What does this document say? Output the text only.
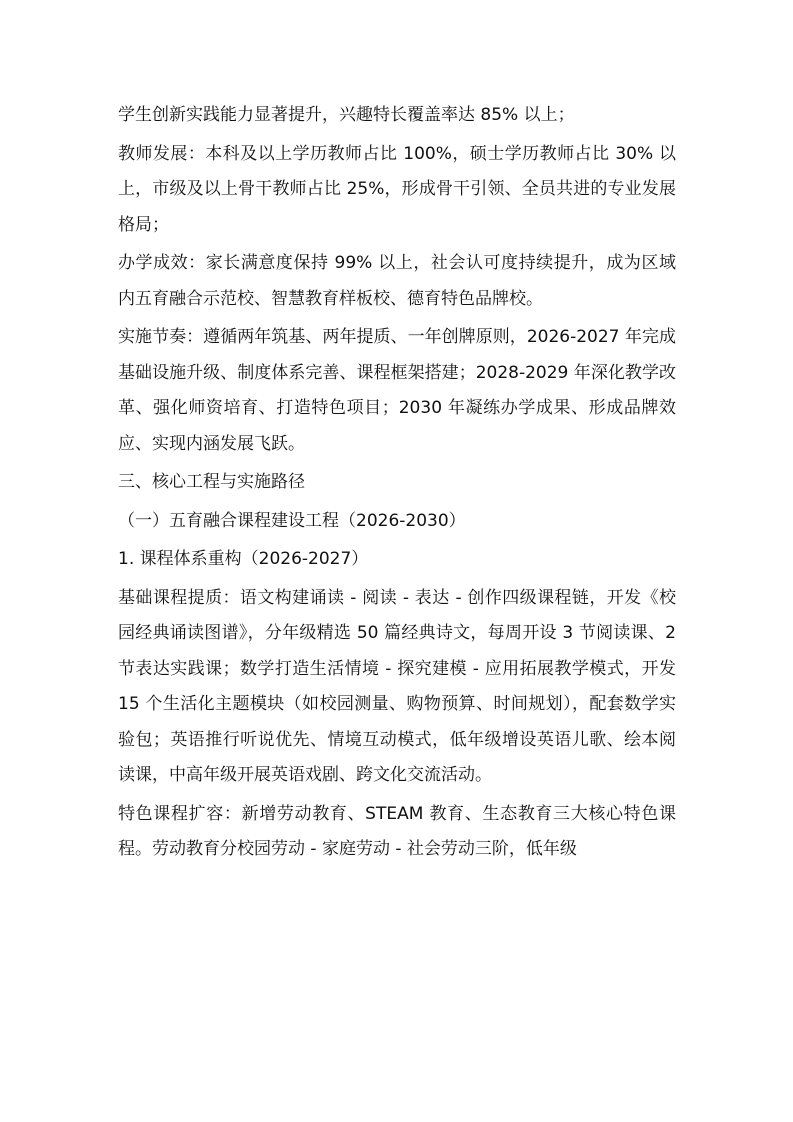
学生创新实践能力显著提升，兴趣特长覆盖率达 85% 以上；

教师发展：本科及以上学历教师占比 100%，硕士学历教师占比 30% 以上，市级及以上骨干教师占比 25%，形成骨干引领、全员共进的专业发展格局；

办学成效：家长满意度保持 99% 以上，社会认可度持续提升，成为区域内五育融合示范校、智慧教育样板校、德育特色品牌校。

实施节奏：遵循两年筑基、两年提质、一年创牌原则，2026-2027 年完成基础设施升级、制度体系完善、课程框架搭建；2028-2029 年深化教学改革、强化师资培育、打造特色项目；2030 年凝练办学成果、形成品牌效应、实现内涵发展飞跃。

三、核心工程与实施路径

（一）五育融合课程建设工程（2026-2030）

1. 课程体系重构（2026-2027）

基础课程提质：语文构建诵读 - 阅读 - 表达 - 创作四级课程链，开发《校园经典诵读图谱》，分年级精选 50 篇经典诗文，每周开设 3 节阅读课、2 节表达实践课；数学打造生活情境 - 探究建模 - 应用拓展教学模式，开发 15 个生活化主题模块（如校园测量、购物预算、时间规划），配套数学实验包；英语推行听说优先、情境互动模式，低年级增设英语儿歌、绘本阅读课，中高年级开展英语戏剧、跨文化交流活动。

特色课程扩容：新增劳动教育、STEAM 教育、生态教育三大核心特色课程。劳动教育分校园劳动 - 家庭劳动 - 社会劳动三阶，低年级
